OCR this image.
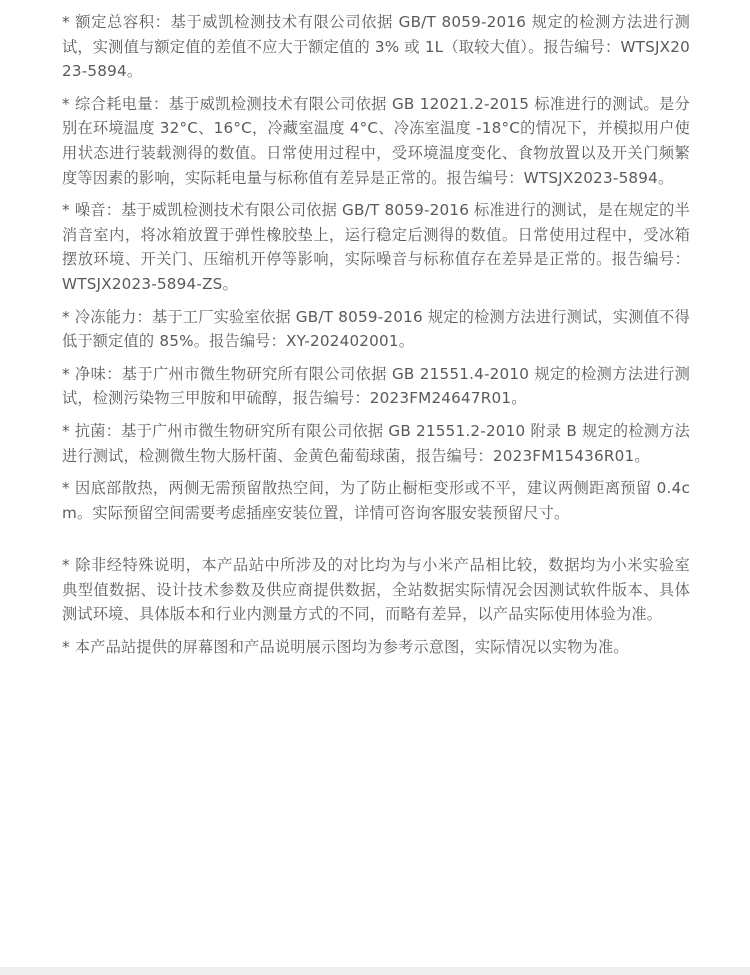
* 额定总容积：基于威凯检测技术有限公司依据 GB/T 8059-2016 规定的检测方法进行测试，实测值与额定值的差值不应大于额定值的 3% 或 1L（取较大值）。报告编号：WTSJX2023-5894。

* 综合耗电量：基于威凯检测技术有限公司依据 GB 12021.2-2015 标准进行的测试。是分别在环境温度 32°C、16°C，冷藏室温度 4°C、冷冻室温度 -18°C的情况下，并模拟用户使用状态进行装载测得的数值。日常使用过程中，受环境温度变化、食物放置以及开关门频繁度等因素的影响，实际耗电量与标称值有差异是正常的。报告编号：WTSJX2023-5894。

* 噪音：基于威凯检测技术有限公司依据 GB/T 8059-2016 标准进行的测试，是在规定的半消音室内，将冰箱放置于弹性橡胶垫上，运行稳定后测得的数值。日常使用过程中，受冰箱摆放环境、开关门、压缩机开停等影响，实际噪音与标称值存在差异是正常的。报告编号：WTSJX2023-5894-ZS。

* 冷冻能力：基于工厂实验室依据 GB/T 8059-2016 规定的检测方法进行测试，实测值不得低于额定值的 85%。报告编号：XY-202402001。

* 净味：基于广州市微生物研究所有限公司依据 GB 21551.4-2010 规定的检测方法进行测试，检测污染物三甲胺和甲硫醇，报告编号：2023FM24647R01。

* 抗菌：基于广州市微生物研究所有限公司依据 GB 21551.2-2010 附录 B 规定的检测方法进行测试，检测微生物大肠杆菌、金黄色葡萄球菌，报告编号：2023FM15436R01。

* 因底部散热，两侧无需预留散热空间，为了防止橱柜变形或不平，建议两侧距离预留 0.4cm。实际预留空间需要考虑插座安装位置，详情可咨询客服安装预留尺寸。

* 除非经特殊说明，本产品站中所涉及的对比均为与小米产品相比较，数据均为小米实验室典型值数据、设计技术参数及供应商提供数据，全站数据实际情况会因测试软件版本、具体测试环境、具体版本和行业内测量方式的不同，而略有差异，以产品实际使用体验为准。

* 本产品站提供的屏幕图和产品说明展示图均为参考示意图，实际情况以实物为准。
